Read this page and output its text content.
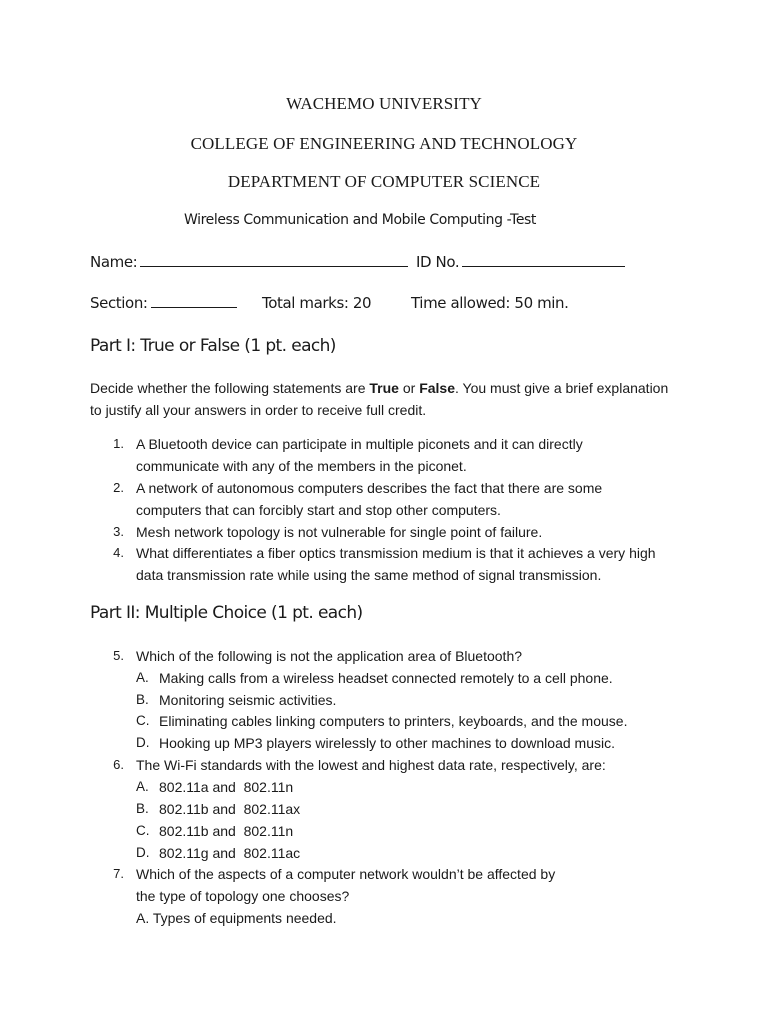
WACHEMO UNIVERSITY
COLLEGE OF ENGINEERING AND TECHNOLOGY
DEPARTMENT OF COMPUTER SCIENCE
Wireless Communication and Mobile Computing -Test
Name:	ID No.
Section:	Total marks: 20	Time allowed: 50 min.
Part I: True or False (1 pt. each)
Decide whether the following statements are True or False. You must give a brief explanation
to justify all your answers in order to receive full credit.
1. A Bluetooth device can participate in multiple piconets and it can directly
communicate with any of the members in the piconet.
2. A network of autonomous computers describes the fact that there are some
computers that can forcibly start and stop other computers.
3. Mesh network topology is not vulnerable for single point of failure.
4. What differentiates a fiber optics transmission medium is that it achieves a very high
data transmission rate while using the same method of signal transmission.
Part II: Multiple Choice (1 pt. each)
5. Which of the following is not the application area of Bluetooth?
A. Making calls from a wireless headset connected remotely to a cell phone.
B. Monitoring seismic activities.
C. Eliminating cables linking computers to printers, keyboards, and the mouse.
D. Hooking up MP3 players wirelessly to other machines to download music.
6. The Wi-Fi standards with the lowest and highest data rate, respectively, are:
A. 802.11a and  802.11n
B. 802.11b and  802.11ax
C. 802.11b and  802.11n
D. 802.11g and  802.11ac
7. Which of the aspects of a computer network wouldn’t be affected by
the type of topology one chooses?
A. Types of equipments needed.
